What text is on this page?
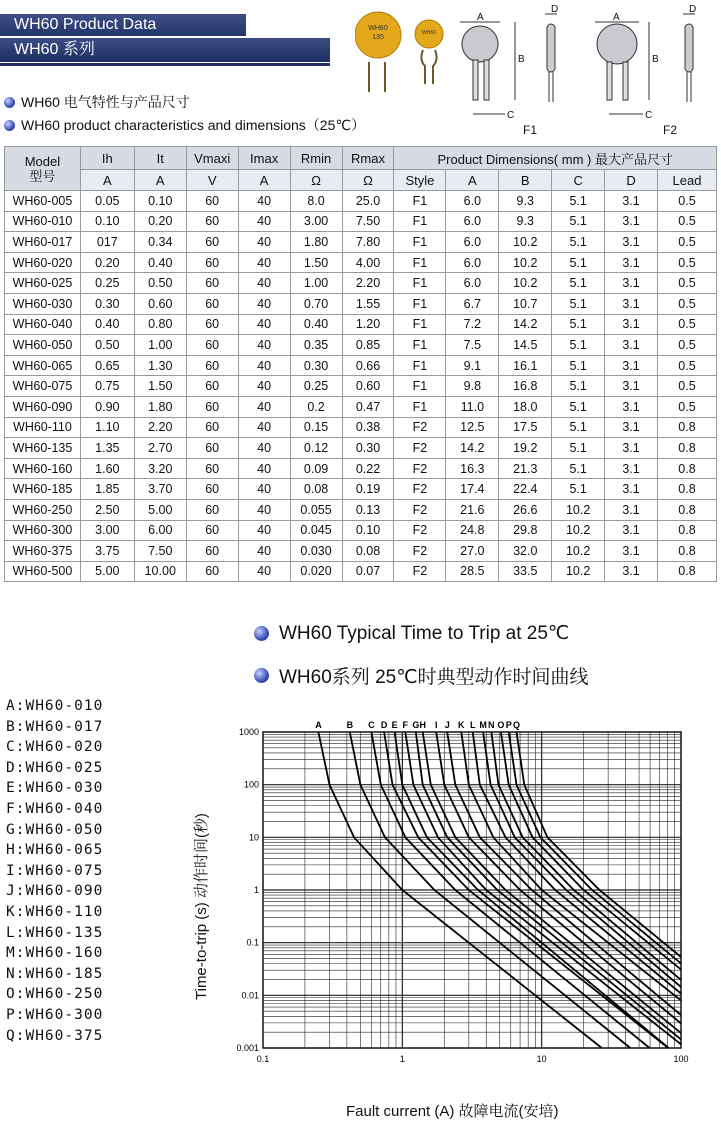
WH60 Product Data
WH60 系列
WH60
135
WH60
A
B
C
D
A
B
C
D
F1	F2
WH60 电气特性与产品尺寸
WH60 product characteristics and dimensions（25℃）
Model
型号	Ih	It	Vmaxi	Imax	Rmin	Rmax	Product Dimensions( mm ) 最大产品尺寸					
	A	A	V	A	Ω	Ω	Style	A	B	C	D	Lead
WH60-005	0.05	0.10	60	40	8.0	25.0	F1	6.0	9.3	5.1	3.1	0.5
WH60-010	0.10	0.20	60	40	3.00	7.50	F1	6.0	9.3	5.1	3.1	0.5
WH60-017	017	0.34	60	40	1.80	7.80	F1	6.0	10.2	5.1	3.1	0.5
WH60-020	0.20	0.40	60	40	1.50	4.00	F1	6.0	10.2	5.1	3.1	0.5
WH60-025	0.25	0.50	60	40	1.00	2.20	F1	6.0	10.2	5.1	3.1	0.5
WH60-030	0.30	0.60	60	40	0.70	1.55	F1	6.7	10.7	5.1	3.1	0.5
WH60-040	0.40	0.80	60	40	0.40	1.20	F1	7.2	14.2	5.1	3.1	0.5
WH60-050	0.50	1.00	60	40	0.35	0.85	F1	7.5	14.5	5.1	3.1	0.5
WH60-065	0.65	1.30	60	40	0.30	0.66	F1	9.1	16.1	5.1	3.1	0.5
WH60-075	0.75	1.50	60	40	0.25	0.60	F1	9.8	16.8	5.1	3.1	0.5
WH60-090	0.90	1.80	60	40	0.2	0.47	F1	11.0	18.0	5.1	3.1	0.5
WH60-110	1.10	2.20	60	40	0.15	0.38	F2	12.5	17.5	5.1	3.1	0.8
WH60-135	1.35	2.70	60	40	0.12	0.30	F2	14.2	19.2	5.1	3.1	0.8
WH60-160	1.60	3.20	60	40	0.09	0.22	F2	16.3	21.3	5.1	3.1	0.8
WH60-185	1.85	3.70	60	40	0.08	0.19	F2	17.4	22.4	5.1	3.1	0.8
WH60-250	2.50	5.00	60	40	0.055	0.13	F2	21.6	26.6	10.2	3.1	0.8
WH60-300	3.00	6.00	60	40	0.045	0.10	F2	24.8	29.8	10.2	3.1	0.8
WH60-375	3.75	7.50	60	40	0.030	0.08	F2	27.0	32.0	10.2	3.1	0.8
WH60-500	5.00	10.00	60	40	0.020	0.07	F2	28.5	33.5	10.2	3.1	0.8
WH60 Typical Time to Trip at 25℃
WH60系列 25℃时典型动作时间曲线
A:WH60-010
B:WH60-017
C:WH60-020
D:WH60-025
E:WH60-030
F:WH60-040
G:WH60-050
H:WH60-065
I:WH60-075
J:WH60-090
K:WH60-110
L:WH60-135
M:WH60-160
N:WH60-185
O:WH60-250
P:WH60-300
Q:WH60-375
Time-to-trip (s) 动作时间(秒)
Fault current (A) 故障电流(安培)
0.1	1	10	100
1000
100
10
1
0.1
0.01
0.001
A	B C D E F G H I J K L M N O P Q
